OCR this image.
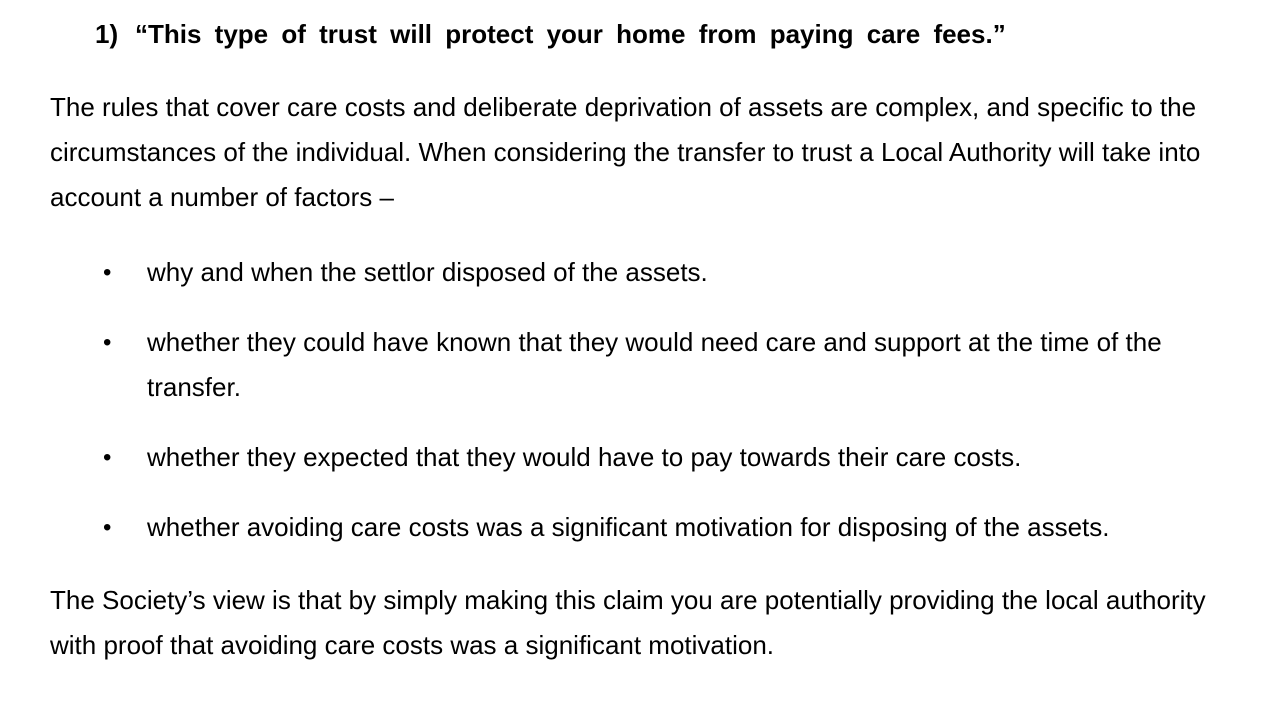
1) “This type of trust will protect your home from paying care fees.”

The rules that cover care costs and deliberate deprivation of assets are complex, and specific to the circumstances of the individual. When considering the transfer to trust a Local Authority will take into account a number of factors –

•	why and when the settlor disposed of the assets.
•	whether they could have known that they would need care and support at the time of the transfer.
•	whether they expected that they would have to pay towards their care costs.
•	whether avoiding care costs was a significant motivation for disposing of the assets.

The Society’s view is that by simply making this claim you are potentially providing the local authority with proof that avoiding care costs was a significant motivation.
